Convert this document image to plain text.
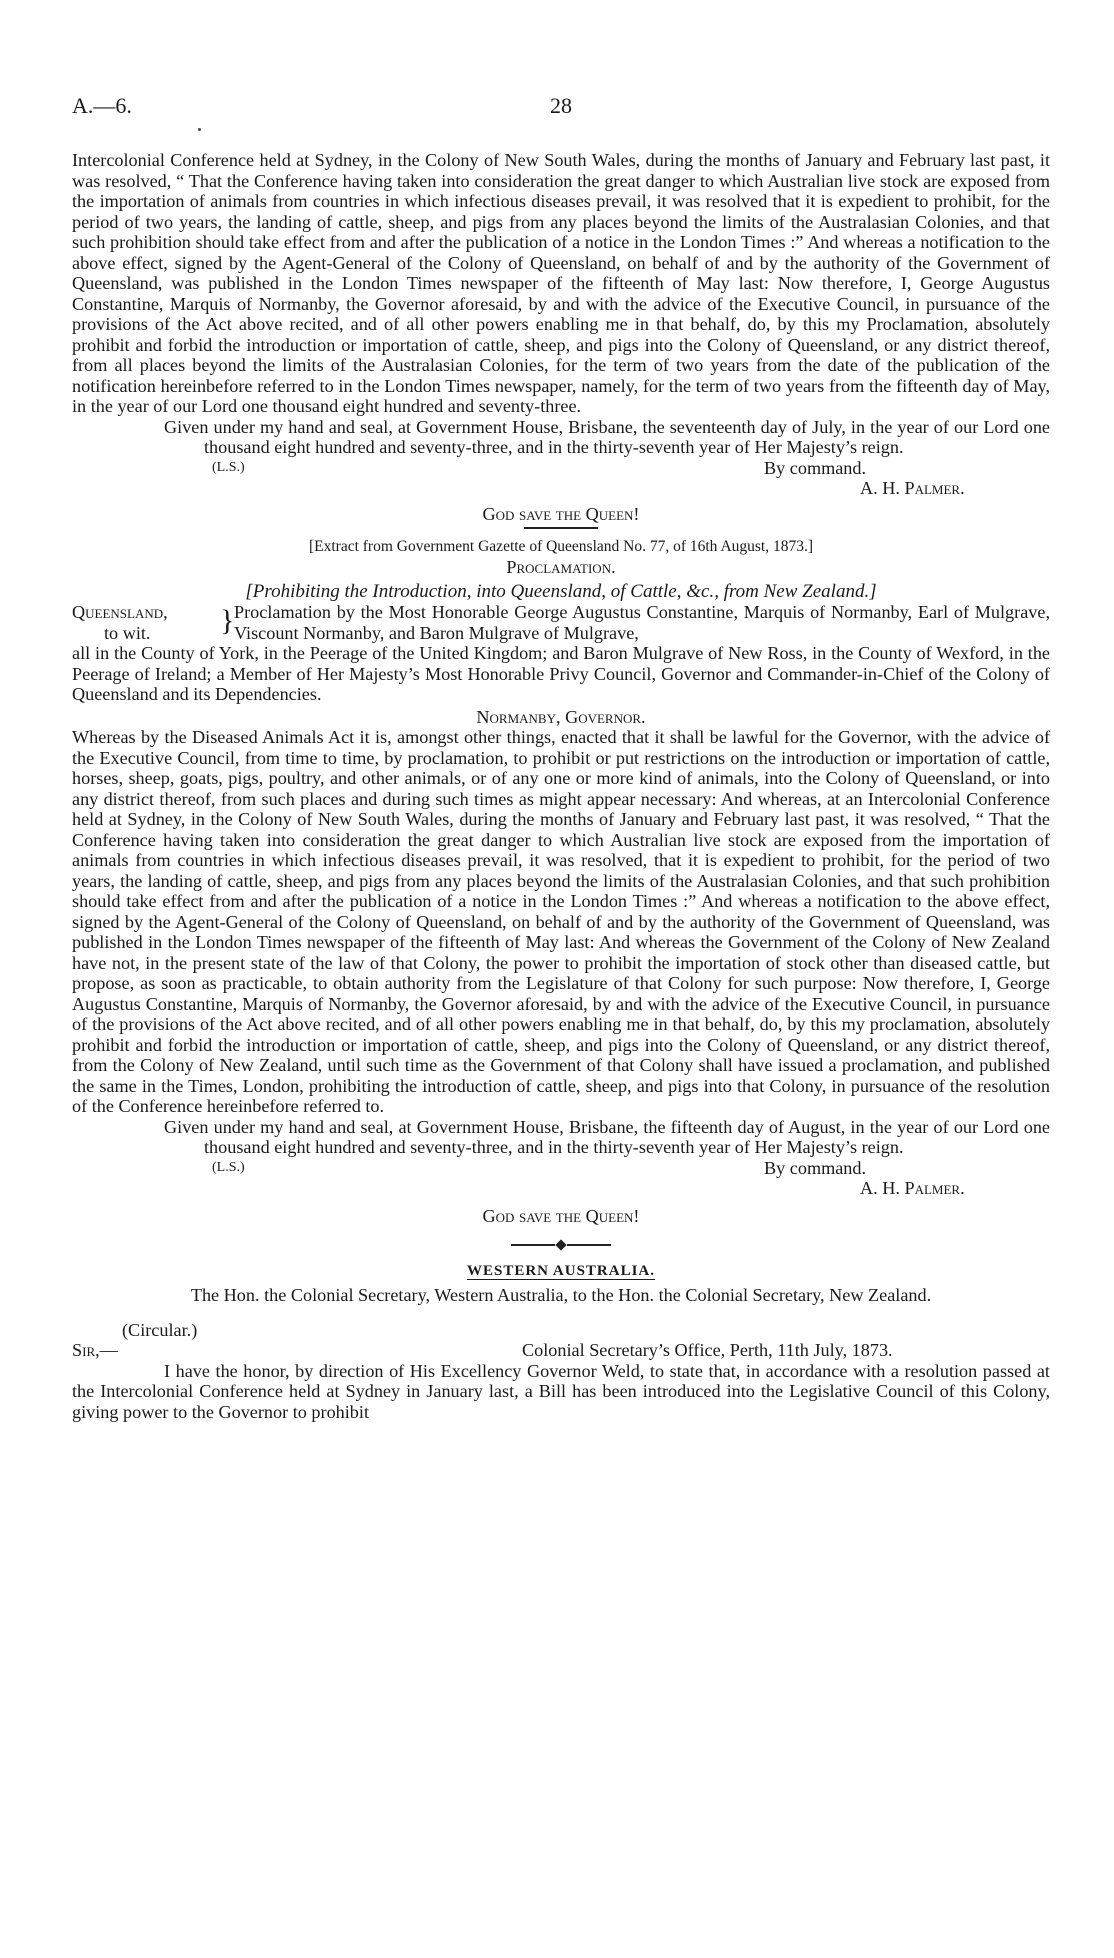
A.—6.	28

Intercolonial Conference held at Sydney, in the Colony of New South Wales, during the months of January and February last past, it was resolved, “ That the Conference having taken into consideration the great danger to which Australian live stock are exposed from the importation of animals from countries in which infectious diseases prevail, it was resolved that it is expedient to prohibit, for the period of two years, the landing of cattle, sheep, and pigs from any places beyond the limits of the Australasian Colonies, and that such prohibition should take effect from and after the publication of a notice in the London Times :” And whereas a notification to the above effect, signed by the Agent-General of the Colony of Queensland, on behalf of and by the authority of the Government of Queensland, was published in the London Times newspaper of the fifteenth of May last: Now therefore, I, George Augustus Constantine, Marquis of Normanby, the Governor aforesaid, by and with the advice of the Executive Council, in pursuance of the provisions of the Act above recited, and of all other powers enabling me in that behalf, do, by this my Proclamation, absolutely prohibit and forbid the introduction or importation of cattle, sheep, and pigs into the Colony of Queensland, or any district thereof, from all places beyond the limits of the Australasian Colonies, for the term of two years from the date of the publication of the notification hereinbefore referred to in the London Times newspaper, namely, for the term of two years from the fifteenth day of May, in the year of our Lord one thousand eight hundred and seventy-three.

Given under my hand and seal, at Government House, Brisbane, the seventeenth day of July, in the year of our Lord one thousand eight hundred and seventy-three, and in the thirty-seventh year of Her Majesty’s reign.

(L.S.)	By command.
A. H. Palmer.

God save the Queen!

[Extract from Government Gazette of Queensland No. 77, of 16th August, 1873.]

Proclamation.

[Prohibiting the Introduction, into Queensland, of Cattle, &c., from New Zealand.]

Queensland,
to wit.	} Proclamation by the Most Honorable George Augustus Constantine, Marquis of Normanby, Earl of Mulgrave, Viscount Normanby, and Baron Mulgrave of Mulgrave,

all in the County of York, in the Peerage of the United Kingdom; and Baron Mulgrave of New Ross, in the County of Wexford, in the Peerage of Ireland; a Member of Her Majesty’s Most Honorable Privy Council, Governor and Commander-in-Chief of the Colony of Queensland and its Dependencies.

Normanby, Governor.

Whereas by the Diseased Animals Act it is, amongst other things, enacted that it shall be lawful for the Governor, with the advice of the Executive Council, from time to time, by proclamation, to prohibit or put restrictions on the introduction or importation of cattle, horses, sheep, goats, pigs, poultry, and other animals, or of any one or more kind of animals, into the Colony of Queensland, or into any district thereof, from such places and during such times as might appear necessary: And whereas, at an Intercolonial Conference held at Sydney, in the Colony of New South Wales, during the months of January and February last past, it was resolved, “ That the Conference having taken into consideration the great danger to which Australian live stock are exposed from the importation of animals from countries in which infectious diseases prevail, it was resolved, that it is expedient to prohibit, for the period of two years, the landing of cattle, sheep, and pigs from any places beyond the limits of the Australasian Colonies, and that such prohibition should take effect from and after the publication of a notice in the London Times :” And whereas a notification to the above effect, signed by the Agent-General of the Colony of Queensland, on behalf of and by the authority of the Government of Queensland, was published in the London Times newspaper of the fifteenth of May last: And whereas the Government of the Colony of New Zealand have not, in the present state of the law of that Colony, the power to prohibit the importation of stock other than diseased cattle, but propose, as soon as practicable, to obtain authority from the Legislature of that Colony for such purpose: Now therefore, I, George Augustus Constantine, Marquis of Normanby, the Governor aforesaid, by and with the advice of the Executive Council, in pursuance of the provisions of the Act above recited, and of all other powers enabling me in that behalf, do, by this my proclamation, absolutely prohibit and forbid the introduction or importation of cattle, sheep, and pigs into the Colony of Queensland, or any district thereof, from the Colony of New Zealand, until such time as the Government of that Colony shall have issued a proclamation, and published the same in the Times, London, prohibiting the introduction of cattle, sheep, and pigs into that Colony, in pursuance of the resolution of the Conference hereinbefore referred to.

Given under my hand and seal, at Government House, Brisbane, the fifteenth day of August, in the year of our Lord one thousand eight hundred and seventy-three, and in the thirty-seventh year of Her Majesty’s reign.

(L.S.)	By command.
A. H. Palmer.

God save the Queen!

WESTERN AUSTRALIA.

The Hon. the Colonial Secretary, Western Australia, to the Hon. the Colonial Secretary, New Zealand.

(Circular.)

Sir,—	Colonial Secretary’s Office, Perth, 11th July, 1873.

I have the honor, by direction of His Excellency Governor Weld, to state that, in accordance with a resolution passed at the Intercolonial Conference held at Sydney in January last, a Bill has been introduced into the Legislative Council of this Colony, giving power to the Governor to prohibit
